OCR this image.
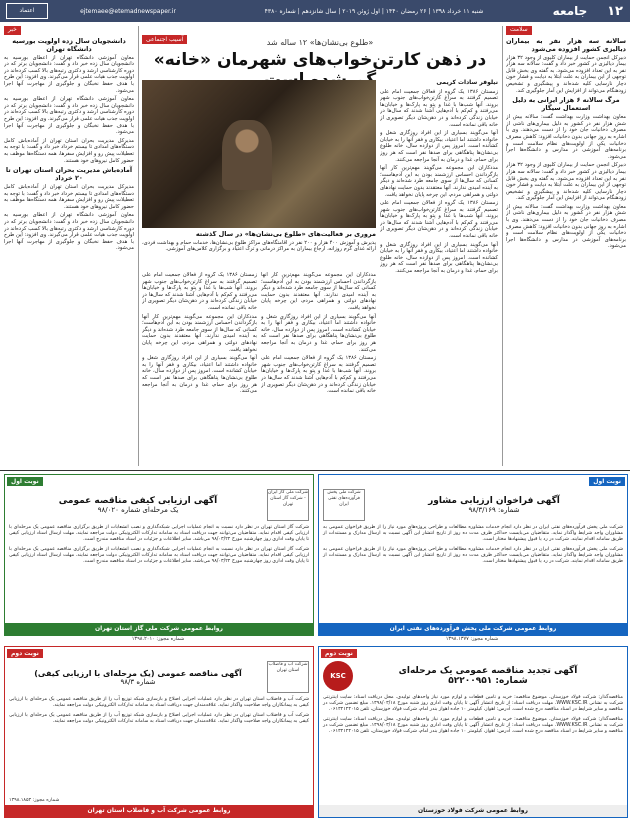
۱۲
جامعه
شنبه ۱۱ خرداد ۱۳۹۸ | ۲۶ رمضان ۱۴۴۰ | اول ژوئن ۲۰۱۹ | سال شانزدهم | شماره ۴۳۸۰
ejtemaee@etemadnewspaper.ir
اعتماد
سلامت
سالانه سه هزار نفر به بیماران دیالیزی کشور افزوده می‌شود

دبیرکل انجمن حمایت از بیماران کلیوی از وجود ۳۲ هزار بیمار دیالیزی در کشور خبر داد و گفت: سالانه سه هزار نفر به این تعداد افزوده می‌شود. به گفته وی بخش قابل توجهی از این بیماران به علت ابتلا به دیابت و فشار خون دچار نارسایی کلیه شده‌اند و پیشگیری و تشخیص زودهنگام می‌تواند از افزایش این آمار جلوگیری کند.

مرگ سالانه ۶ هزار ایرانی به دلیل استعمال سیگار

معاون بهداشت وزارت بهداشت گفت: سالانه بیش از شش هزار نفر در کشور به دلیل بیماری‌های ناشی از مصرف دخانیات جان خود را از دست می‌دهند. وی با اشاره به روز جهانی بدون دخانیات افزود: کاهش مصرف دخانیات یکی از اولویت‌های نظام سلامت است و برنامه‌های آموزشی در مدارس و دانشگاه‌ها اجرا می‌شود.

دبیرکل انجمن حمایت از بیماران کلیوی از وجود ۳۲ هزار بیمار دیالیزی در کشور خبر داد و گفت: سالانه سه هزار نفر به این تعداد افزوده می‌شود. به گفته وی بخش قابل توجهی از این بیماران به علت ابتلا به دیابت و فشار خون دچار نارسایی کلیه شده‌اند و پیشگیری و تشخیص زودهنگام می‌تواند از افزایش این آمار جلوگیری کند.

معاون بهداشت وزارت بهداشت گفت: سالانه بیش از شش هزار نفر در کشور به دلیل بیماری‌های ناشی از مصرف دخانیات جان خود را از دست می‌دهند. وی با اشاره به روز جهانی بدون دخانیات افزود: کاهش مصرف دخانیات یکی از اولویت‌های نظام سلامت است و برنامه‌های آموزشی در مدارس و دانشگاه‌ها اجرا می‌شود.

آسیب اجتماعی	«طلوع بی‌نشان‌ها» ۱۲ ساله شد
در ذهن کارتن‌خواب‌های شهرمان «خانه»
نیلوفر سادات کریمی

زمستان ۱۳۸۶ یک گروه از فعالان جمعیت امام علی تصمیم گرفتند به سراغ کارتن‌خواب‌های جنوب شهر بروند. آنها شب‌ها با غذا و پتو به پارک‌ها و خیابان‌ها می‌رفتند و کم‌کم با آدم‌هایی آشنا شدند که سال‌ها در خیابان زندگی کرده‌اند و در ذهن‌شان دیگر تصویری از خانه باقی نمانده است.

آنها می‌گویند بسیاری از این افراد روزگاری شغل و خانواده داشتند اما اعتیاد، بیکاری و فقر آنها را به خیابان کشانده است. امروز پس از دوازده سال، خانه طلوع بی‌نشان‌ها پناهگاهی برای صدها نفر است که هر روز برای حمام، غذا و درمان به آنجا مراجعه می‌کنند.

مددکاران این مجموعه می‌گویند مهم‌ترین کار آنها بازگرداندن احساس ارزشمند بودن به این آدم‌هاست؛ کسانی که سال‌ها از سوی جامعه طرد شده‌اند و دیگر به آینده امیدی ندارند. آنها معتقدند بدون حمایت نهادهای دولتی و همراهی مردم، این چرخه پایان نخواهد یافت.

زمستان ۱۳۸۶ یک گروه از فعالان جمعیت امام علی تصمیم گرفتند به سراغ کارتن‌خواب‌های جنوب شهر بروند. آنها شب‌ها با غذا و پتو به پارک‌ها و خیابان‌ها می‌رفتند و کم‌کم با آدم‌هایی آشنا شدند که سال‌ها در خیابان زندگی کرده‌اند و در ذهن‌شان دیگر تصویری از خانه باقی نمانده است.

آنها می‌گویند بسیاری از این افراد روزگاری شغل و خانواده داشتند اما اعتیاد، بیکاری و فقر آنها را به خیابان کشانده است. امروز پس از دوازده سال، خانه طلوع بی‌نشان‌ها پناهگاهی برای صدها نفر است که هر روز برای حمام، غذا و درمان به آنجا مراجعه می‌کنند.

مروری بر فعالیت‌های «طلوع بی‌نشان‌ها» در سال گذشته

پذیرش و آموزش ۴۰۰ هزار و ۲۰۰ نفر در اقامتگاه‌های مراکز طلوع بی‌نشان‌ها، خدمات حمام و بهداشت فردی، ارائه غذای گرم روزانه، ارجاع بیماران به مراکز درمانی و ترک اعتیاد و برگزاری کلاس‌های آموزشی.

مددکاران این مجموعه می‌گویند مهم‌ترین کار آنها بازگرداندن احساس ارزشمند بودن به این آدم‌هاست؛ کسانی که سال‌ها از سوی جامعه طرد شده‌اند و دیگر به آینده امیدی ندارند. آنها معتقدند بدون حمایت نهادهای دولتی و همراهی مردم، این چرخه پایان نخواهد یافت.

آنها می‌گویند بسیاری از این افراد روزگاری شغل و خانواده داشتند اما اعتیاد، بیکاری و فقر آنها را به خیابان کشانده است. امروز پس از دوازده سال، خانه طلوع بی‌نشان‌ها پناهگاهی برای صدها نفر است که هر روز برای حمام، غذا و درمان به آنجا مراجعه می‌کنند.

زمستان ۱۳۸۶ یک گروه از فعالان جمعیت امام علی تصمیم گرفتند به سراغ کارتن‌خواب‌های جنوب شهر بروند. آنها شب‌ها با غذا و پتو به پارک‌ها و خیابان‌ها می‌رفتند و کم‌کم با آدم‌هایی آشنا شدند که سال‌ها در خیابان زندگی کرده‌اند و در ذهن‌شان دیگر تصویری از خانه باقی نمانده است.

زمستان ۱۳۸۶ یک گروه از فعالان جمعیت امام علی تصمیم گرفتند به سراغ کارتن‌خواب‌های جنوب شهر بروند. آنها شب‌ها با غذا و پتو به پارک‌ها و خیابان‌ها می‌رفتند و کم‌کم با آدم‌هایی آشنا شدند که سال‌ها در خیابان زندگی کرده‌اند و در ذهن‌شان دیگر تصویری از خانه باقی نمانده است.

مددکاران این مجموعه می‌گویند مهم‌ترین کار آنها بازگرداندن احساس ارزشمند بودن به این آدم‌هاست؛ کسانی که سال‌ها از سوی جامعه طرد شده‌اند و دیگر به آینده امیدی ندارند. آنها معتقدند بدون حمایت نهادهای دولتی و همراهی مردم، این چرخه پایان نخواهد یافت.

آنها می‌گویند بسیاری از این افراد روزگاری شغل و خانواده داشتند اما اعتیاد، بیکاری و فقر آنها را به خیابان کشانده است. امروز پس از دوازده سال، خانه طلوع بی‌نشان‌ها پناهگاهی برای صدها نفر است که هر روز برای حمام، غذا و درمان به آنجا مراجعه می‌کنند.

خبر
دانشجویان سال زده اولویت بورسیه دانشگاه تهران

معاون آموزشی دانشگاه تهران از اعطای بورسیه به دانشجویان سال زده خبر داد و گفت: دانشجویان برتر که در دوره کارشناسی ارشد و دکتری رتبه‌های بالا کسب کرده‌اند در اولویت جذب هیات علمی قرار می‌گیرند. وی افزود: این طرح با هدف حفظ نخبگان و جلوگیری از مهاجرت آنها اجرا می‌شود.

معاون آموزشی دانشگاه تهران از اعطای بورسیه به دانشجویان سال زده خبر داد و گفت: دانشجویان برتر که در دوره کارشناسی ارشد و دکتری رتبه‌های بالا کسب کرده‌اند در اولویت جذب هیات علمی قرار می‌گیرند. وی افزود: این طرح با هدف حفظ نخبگان و جلوگیری از مهاجرت آنها اجرا می‌شود.

مدیرکل مدیریت بحران استان تهران از آماده‌باش کامل دستگاه‌های امدادی تا بیستم خرداد خبر داد و گفت: با توجه به تعطیلات پیش رو و افزایش سفرها، همه دستگاه‌ها موظف به حضور کامل نیروهای خود هستند.

آماده‌باش مدیریت بحران استان تهران تا ۲۰ خرداد

مدیرکل مدیریت بحران استان تهران از آماده‌باش کامل دستگاه‌های امدادی تا بیستم خرداد خبر داد و گفت: با توجه به تعطیلات پیش رو و افزایش سفرها، همه دستگاه‌ها موظف به حضور کامل نیروهای خود هستند.

معاون آموزشی دانشگاه تهران از اعطای بورسیه به دانشجویان سال زده خبر داد و گفت: دانشجویان برتر که در دوره کارشناسی ارشد و دکتری رتبه‌های بالا کسب کرده‌اند در اولویت جذب هیات علمی قرار می‌گیرند. وی افزود: این طرح با هدف حفظ نخبگان و جلوگیری از مهاجرت آنها اجرا می‌شود.

نوبت اول
شرکت ملی گاز ایران - شرکت گاز استان تهران
آگهی ارزیابی کیفی مناقصه عمومی
یک مرحله‌ای شماره ۹۸/۰۲۰
شرکت گاز استان تهران در نظر دارد نسبت به انجام عملیات اجرایی شبکه‌گذاری و نصب انشعابات از طریق برگزاری مناقصه عمومی یک مرحله‌ای با ارزیابی کیفی اقدام نماید. متقاضیان می‌توانند جهت دریافت اسناد به سامانه تدارکات الکترونیکی دولت مراجعه نمایند. مهلت ارسال اسناد ارزیابی کیفی تا پایان وقت اداری روز چهارشنبه مورخ ۹۸/۰۳/۲۲ می‌باشد. سایر اطلاعات و جزئیات در اسناد مناقصه مندرج است.
شرکت گاز استان تهران در نظر دارد نسبت به انجام عملیات اجرایی شبکه‌گذاری و نصب انشعابات از طریق برگزاری مناقصه عمومی یک مرحله‌ای با ارزیابی کیفی اقدام نماید. متقاضیان می‌توانند جهت دریافت اسناد به سامانه تدارکات الکترونیکی دولت مراجعه نمایند. مهلت ارسال اسناد ارزیابی کیفی تا پایان وقت اداری روز چهارشنبه مورخ ۹۸/۰۳/۲۲ می‌باشد. سایر اطلاعات و جزئیات در اسناد مناقصه مندرج است.
روابط عمومی شرکت ملی گاز استان تهران
شماره مجوز: ۱۳۹۸.۲۰۱۰
نوبت اول
آگهی فراخوان ارزیابی مشاور
شماره: ۹۸/۳/۱۶۹
شرکت ملی پخش فرآورده‌های نفتی ایران
شرکت ملی پخش فرآورده‌های نفتی ایران در نظر دارد انجام خدمات مشاوره مطالعات و طراحی پروژه‌های مورد نیاز را از طریق فراخوان عمومی به مشاوران واجد شرایط واگذار نماید. متقاضیان می‌بایست حداکثر ظرف مدت ده روز از تاریخ انتشار این آگهی نسبت به ارسال مدارک و مستندات از طریق سامانه اقدام نمایند. شرکت در رد یا قبول پیشنهادها مختار است.
شرکت ملی پخش فرآورده‌های نفتی ایران در نظر دارد انجام خدمات مشاوره مطالعات و طراحی پروژه‌های مورد نیاز را از طریق فراخوان عمومی به مشاوران واجد شرایط واگذار نماید. متقاضیان می‌بایست حداکثر ظرف مدت ده روز از تاریخ انتشار این آگهی نسبت به ارسال مدارک و مستندات از طریق سامانه اقدام نمایند. شرکت در رد یا قبول پیشنهادها مختار است.
روابط عمومی شرکت ملی پخش فرآورده‌های نفتی ایران
شماره مجوز: ۱۳۹۸.۱۳۷۷
نوبت دوم
شرکت آب و فاضلاب استان تهران
آگهی مناقصه عمومی (یک مرحله‌ای با ارزیابی کیفی)
شماره ۹۸/۳
شرکت آب و فاضلاب استان تهران در نظر دارد عملیات اجرایی اصلاح و بازسازی شبکه توزیع آب را از طریق مناقصه عمومی یک مرحله‌ای با ارزیابی کیفی به پیمانکاران واجد صلاحیت واگذار نماید. علاقه‌مندان جهت دریافت اسناد به سامانه تدارکات الکترونیکی دولت مراجعه نمایند.
شرکت آب و فاضلاب استان تهران در نظر دارد عملیات اجرایی اصلاح و بازسازی شبکه توزیع آب را از طریق مناقصه عمومی یک مرحله‌ای با ارزیابی کیفی به پیمانکاران واجد صلاحیت واگذار نماید. علاقه‌مندان جهت دریافت اسناد به سامانه تدارکات الکترونیکی دولت مراجعه نمایند.
شماره مجوز: ۱۳۹۸.۱۸۵۳
روابط عمومی شرکت آب و فاضلاب استان تهران
نوبت دوم
آگهی تجدید مناقصه عمومی یک مرحله‌ای
شماره: ۵۲۲۰۰۹۵۱
KSC
مناقصه‌گذار: شرکت فولاد خوزستان. موضوع مناقصه: خرید و تامین قطعات و لوازم مورد نیاز واحدهای تولیدی. محل دریافت اسناد: سایت اینترنتی شرکت به نشانی WWW.KSC.IR. مهلت دریافت اسناد: از تاریخ انتشار آگهی تا پایان وقت اداری روز شنبه مورخ ۱۳۹۸/۰۳/۱۸. مبلغ تضمین شرکت در مناقصه و سایر شرایط در اسناد مناقصه درج شده است. آدرس: اهواز، کیلومتر ۱۰ جاده اهواز بندر امام، شرکت فولاد خوزستان، تلفن ۰۶۱۳۲۱۲۴۰۱۵.
مناقصه‌گذار: شرکت فولاد خوزستان. موضوع مناقصه: خرید و تامین قطعات و لوازم مورد نیاز واحدهای تولیدی. محل دریافت اسناد: سایت اینترنتی شرکت به نشانی WWW.KSC.IR. مهلت دریافت اسناد: از تاریخ انتشار آگهی تا پایان وقت اداری روز شنبه مورخ ۱۳۹۸/۰۳/۱۸. مبلغ تضمین شرکت در مناقصه و سایر شرایط در اسناد مناقصه درج شده است. آدرس: اهواز، کیلومتر ۱۰ جاده اهواز بندر امام، شرکت فولاد خوزستان، تلفن ۰۶۱۳۲۱۲۴۰۱۵.
روابط عمومی شرکت فولاد خوزستان
